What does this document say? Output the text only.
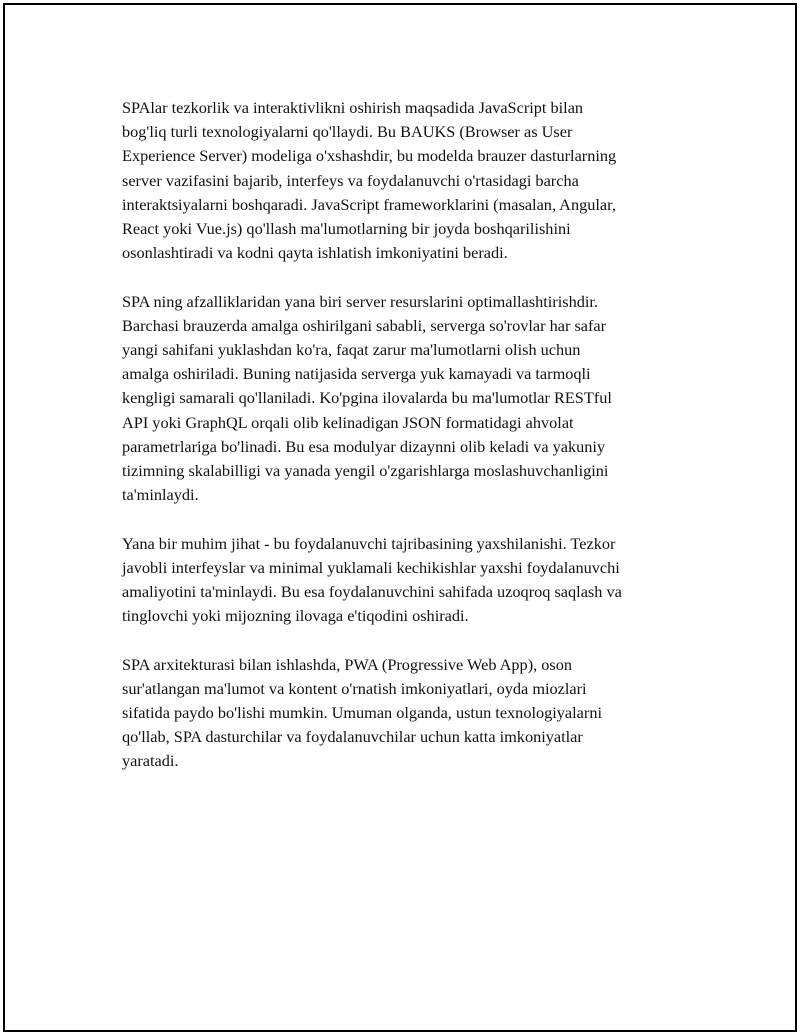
SPAlar tezkorlik va interaktivlikni oshirish maqsadida JavaScript bilan
bog'liq turli texnologiyalarni qo'llaydi. Bu BAUKS (Browser as User
Experience Server) modeliga o'xshashdir, bu modelda brauzer dasturlarning
server vazifasini bajarib, interfeys va foydalanuvchi o'rtasidagi barcha
interaktsiyalarni boshqaradi. JavaScript frameworklarini (masalan, Angular,
React yoki Vue.js) qo'llash ma'lumotlarning bir joyda boshqarilishini
osonlashtiradi va kodni qayta ishlatish imkoniyatini beradi.

SPA ning afzalliklaridan yana biri server resurslarini optimallashtirishdir.
Barchasi brauzerda amalga oshirilgani sababli, serverga so'rovlar har safar
yangi sahifani yuklashdan ko'ra, faqat zarur ma'lumotlarni olish uchun
amalga oshiriladi. Buning natijasida serverga yuk kamayadi va tarmoqli
kengligi samarali qo'llaniladi. Ko'pgina ilovalarda bu ma'lumotlar RESTful
API yoki GraphQL orqali olib kelinadigan JSON formatidagi ahvolat
parametrlariga bo'linadi. Bu esa modulyar dizaynni olib keladi va yakuniy
tizimning skalabilligi va yanada yengil o'zgarishlarga moslashuvchanligini
ta'minlaydi.

Yana bir muhim jihat - bu foydalanuvchi tajribasining yaxshilanishi. Tezkor
javobli interfeyslar va minimal yuklamali kechikishlar yaxshi foydalanuvchi
amaliyotini ta'minlaydi. Bu esa foydalanuvchini sahifada uzoqroq saqlash va
tinglovchi yoki mijozning ilovaga e'tiqodini oshiradi.

SPA arxitekturasi bilan ishlashda, PWA (Progressive Web App), oson
sur'atlangan ma'lumot va kontent o'rnatish imkoniyatlari, oyda miozlari
sifatida paydo bo'lishi mumkin. Umuman olganda, ustun texnologiyalarni
qo'llab, SPA dasturchilar va foydalanuvchilar uchun katta imkoniyatlar
yaratadi.
